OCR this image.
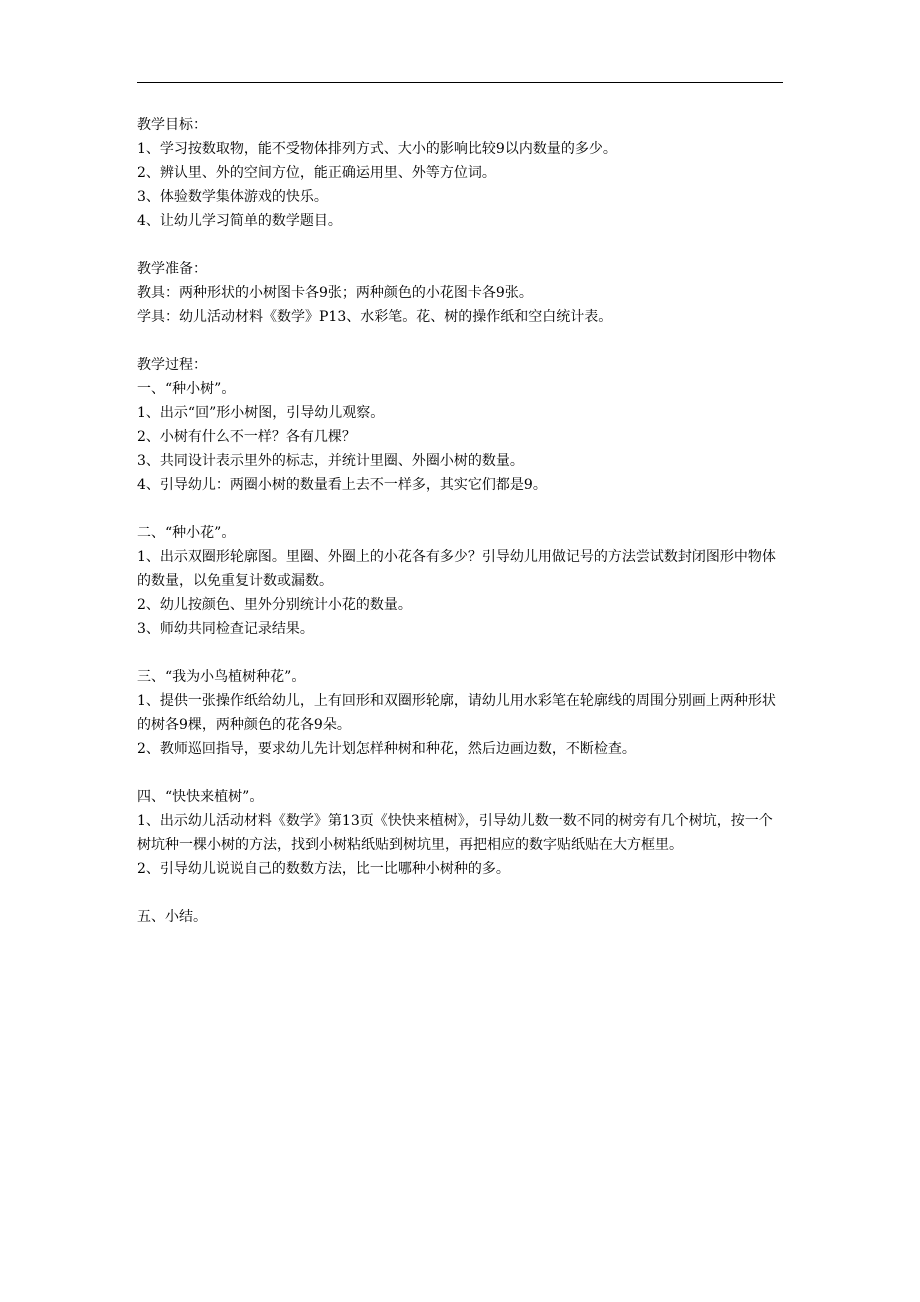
教学目标：
1、学习按数取物，能不受物体排列方式、大小的影响比较9以内数量的多少。
2、辨认里、外的空间方位，能正确运用里、外等方位词。
3、体验数学集体游戏的快乐。
4、让幼儿学习简单的数学题目。
教学准备：
教具：两种形状的小树图卡各9张；两种颜色的小花图卡各9张。
学具：幼儿活动材料《数学》P13、水彩笔。花、树的操作纸和空白统计表。
教学过程：
一、“种小树”。
1、出示“回”形小树图，引导幼儿观察。
2、小树有什么不一样？各有几棵？
3、共同设计表示里外的标志，并统计里圈、外圈小树的数量。
4、引导幼儿：两圈小树的数量看上去不一样多，其实它们都是9。
二、“种小花”。
1、出示双圈形轮廓图。里圈、外圈上的小花各有多少？引导幼儿用做记号的方法尝试数封闭图形中物体的数量，以免重复计数或漏数。
2、幼儿按颜色、里外分别统计小花的数量。
3、师幼共同检查记录结果。
三、“我为小鸟植树种花”。
1、提供一张操作纸给幼儿，上有回形和双圈形轮廓，请幼儿用水彩笔在轮廓线的周围分别画上两种形状的树各9棵，两种颜色的花各9朵。
2、教师巡回指导，要求幼儿先计划怎样种树和种花，然后边画边数，不断检查。
四、“快快来植树”。
1、出示幼儿活动材料《数学》第13页《快快来植树》，引导幼儿数一数不同的树旁有几个树坑，按一个树坑种一棵小树的方法，找到小树粘纸贴到树坑里，再把相应的数字贴纸贴在大方框里。
2、引导幼儿说说自己的数数方法，比一比哪种小树种的多。
五、小结。
